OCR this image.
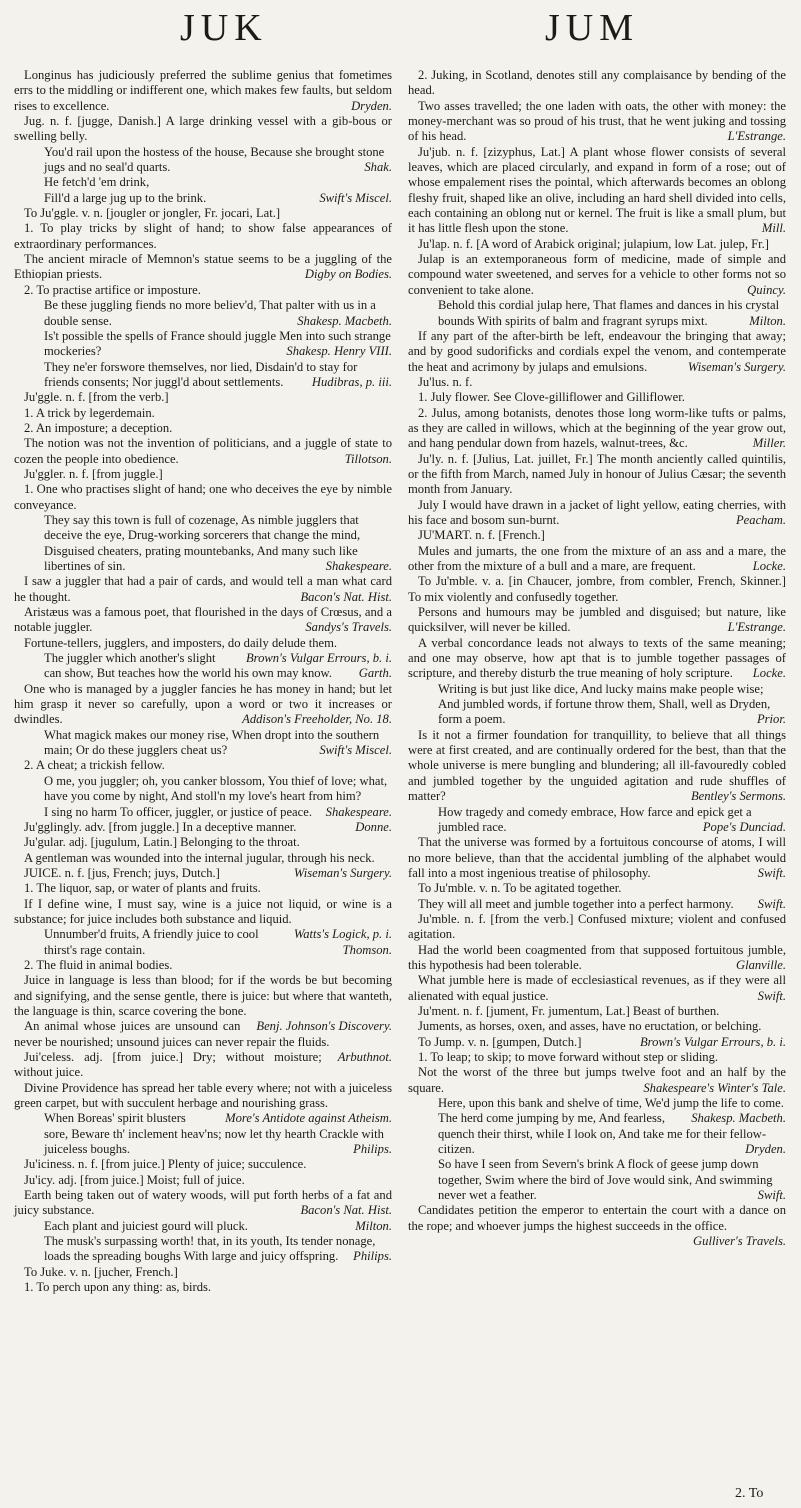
JUK	JUM
Longinus has judiciously preferred the sublime genius that fometimes errs to the middling or indifferent one, which makes few faults, but seldom rises to excellence.	Dryden.
Jug. n. f. [jugge, Danish.] A large drinking vessel with a gib-bous or swelling belly.
You'd rail upon the hostess of the house, Because she brought stone jugs and no seal'd quarts.	Shak.
He fetch'd 'em drink,
Fill'd a large jug up to the brink.	Swift's Miscel.
To Ju'ggle. v. n. [jougler or jongler, Fr. jocari, Lat.]
1. To play tricks by slight of hand; to show false appearances of extraordinary performances.
The ancient miracle of Memnon's statue seems to be a juggling of the Ethiopian priests.	Digby on Bodies.
2. To practise artifice or imposture.
Be these juggling fiends no more believ'd, That palter with us in a double sense.	Shakesp. Macbeth.
Is't possible the spells of France should juggle Men into such strange mockeries?	Shakesp. Henry VIII.
They ne'er forswore themselves, nor lied, Disdain'd to stay for friends consents; Nor juggl'd about settlements.	Hudibras, p. iii.
Ju'ggle. n. f. [from the verb.]
1. A trick by legerdemain.
2. An imposture; a deception.
The notion was not the invention of politicians, and a juggle of state to cozen the people into obedience.	Tillotson.
Ju'ggler. n. f. [from juggle.]
1. One who practises slight of hand; one who deceives the eye by nimble conveyance.
They say this town is full of cozenage, As nimble jugglers that deceive the eye, Drug-working sorcerers that change the mind, Disguised cheaters, prating mountebanks, And many such like libertines of sin.	Shakespeare.
I saw a juggler that had a pair of cards, and would tell a man what card he thought.	Bacon's Nat. Hist.
Aristæus was a famous poet, that flourished in the days of Crœsus, and a notable juggler.	Sandys's Travels.
Fortune-tellers, jugglers, and imposters, do daily delude them.
Brown's Vulgar Errours, b. i.
The juggler which another's slight can show, But teaches how the world his own may know.	Garth.
One who is managed by a juggler fancies he has money in hand; but let him grasp it never so carefully, upon a word or two it increases or dwindles.	Addison's Freeholder, No. 18.
What magick makes our money rise, When dropt into the southern main; Or do these jugglers cheat us?	Swift's Miscel.
2. A cheat; a trickish fellow.
O me, you juggler; oh, you canker blossom, You thief of love; what, have you come by night, And stoll'n my love's heart from him?
Shakespeare.
I sing no harm To officer, juggler, or justice of peace.
Donne.
Ju'gglingly. adv. [from juggle.] In a deceptive manner.
Ju'gular. adj. [jugulum, Latin.] Belonging to the throat.
A gentleman was wounded into the internal jugular, through his neck.
Wiseman's Surgery.
JUICE. n. f. [jus, French; juys, Dutch.]
1. The liquor, sap, or water of plants and fruits.
If I define wine, I must say, wine is a juice not liquid, or wine is a substance; for juice includes both substance and liquid.
Watts's Logick, p. i.
Unnumber'd fruits, A friendly juice to cool thirst's rage contain.	Thomson.
2. The fluid in animal bodies.
Juice in language is less than blood; for if the words be but becoming and signifying, and the sense gentle, there is juice: but where that wanteth, the language is thin, scarce covering the bone.
Benj. Johnson's Discovery.
An animal whose juices are unsound can never be nourished; unsound juices can never repair the fluids.
Arbuthnot.
Jui'celess. adj. [from juice.] Dry; without moisture; without juice.
Divine Providence has spread her table every where; not with a juiceless green carpet, but with succulent herbage and nourishing grass.
More's Antidote against Atheism.
When Boreas' spirit blusters sore, Beware th' inclement heav'ns; now let thy hearth Crackle with juiceless boughs.	Philips.
Ju'iciness. n. f. [from juice.] Plenty of juice; succulence.
Ju'icy. adj. [from juice.] Moist; full of juice.
Earth being taken out of watery woods, will put forth herbs of a fat and juicy substance.	Bacon's Nat. Hist.
Each plant and juiciest gourd will pluck.	Milton.
The musk's surpassing worth! that, in its youth, Its tender nonage, loads the spreading boughs With large and juicy offspring.	Philips.
To Juke. v. n. [jucher, French.]
1. To perch upon any thing: as, birds.
2. Juking, in Scotland, denotes still any complaisance by bending of the head.
Two asses travelled; the one laden with oats, the other with money: the money-merchant was so proud of his trust, that he went juking and tossing of his head.	L'Estrange.
Ju'jub. n. f. [zizyphus, Lat.] A plant whose flower consists of several leaves, which are placed circularly, and expand in form of a rose; out of whose empalement rises the pointal, which afterwards becomes an oblong fleshy fruit, shaped like an olive, including an hard shell divided into cells, each containing an oblong nut or kernel. The fruit is like a small plum, but it has little flesh upon the stone.	Mill.
Ju'lap. n. f. [A word of Arabick original; julapium, low Lat. julep, Fr.]
Julap is an extemporaneous form of medicine, made of simple and compound water sweetened, and serves for a vehicle to other forms not so convenient to take alone.	Quincy.
Behold this cordial julap here, That flames and dances in his crystal bounds With spirits of balm and fragrant syrups mixt.	Milton.
If any part of the after-birth be left, endeavour the bringing that away; and by good sudorificks and cordials expel the venom, and contemperate the heat and acrimony by julaps and emulsions.	Wiseman's Surgery.
Ju'lus. n. f.
1. July flower. See Clove-gilliflower and Gilliflower.
2. Julus, among botanists, denotes those long worm-like tufts or palms, as they are called in willows, which at the beginning of the year grow out, and hang pendular down from hazels, walnut-trees, &c.	Miller.
Ju'ly. n. f. [Julius, Lat. juillet, Fr.] The month anciently called quintilis, or the fifth from March, named July in honour of Julius Cæsar; the seventh month from January.
July I would have drawn in a jacket of light yellow, eating cherries, with his face and bosom sun-burnt.	Peacham.
JU'MART. n. f. [French.]
Mules and jumarts, the one from the mixture of an ass and a mare, the other from the mixture of a bull and a mare, are frequent.	Locke.
To Ju'mble. v. a. [in Chaucer, jombre, from combler, French, Skinner.] To mix violently and confusedly together.
Persons and humours may be jumbled and disguised; but nature, like quicksilver, will never be killed.	L'Estrange.
A verbal concordance leads not always to texts of the same meaning; and one may observe, how apt that is to jumble together passages of scripture, and thereby disturb the true meaning of holy scripture.	Locke.
Writing is but just like dice, And lucky mains make people wise; And jumbled words, if fortune throw them, Shall, well as Dryden, form a poem.	Prior.
Is it not a firmer foundation for tranquillity, to believe that all things were at first created, and are continually ordered for the best, than that the whole universe is mere bungling and blundering; all ill-favouredly cobled and jumbled together by the unguided agitation and rude shuffles of matter?	Bentley's Sermons.
How tragedy and comedy embrace, How farce and epick get a jumbled race.	Pope's Dunciad.
That the universe was formed by a fortuitous concourse of atoms, I will no more believe, than that the accidental jumbling of the alphabet would fall into a most ingenious treatise of philosophy.	Swift.
To Ju'mble. v. n. To be agitated together.
They will all meet and jumble together into a perfect harmony.	Swift.
Ju'mble. n. f. [from the verb.] Confused mixture; violent and confused agitation.
Had the world been coagmented from that supposed fortuitous jumble, this hypothesis had been tolerable.	Glanville.
What jumble here is made of ecclesiastical revenues, as if they were all alienated with equal justice.	Swift.
Ju'ment. n. f. [jument, Fr. jumentum, Lat.] Beast of burthen.
Juments, as horses, oxen, and asses, have no eructation, or belching.
Brown's Vulgar Errours, b. i.
To Jump. v. n. [gumpen, Dutch.]
1. To leap; to skip; to move forward without step or sliding.
Not the worst of the three but jumps twelve foot and an half by the square.	Shakespeare's Winter's Tale.
Here, upon this bank and shelve of time, We'd jump the life to come.
Shakesp. Macbeth.
The herd come jumping by me, And fearless, quench their thirst, while I look on, And take me for their fellow-citizen.	Dryden.
So have I seen from Severn's brink A flock of geese jump down together, Swim where the bird of Jove would sink, And swimming never wet a feather.	Swift.
Candidates petition the emperor to entertain the court with a dance on the rope; and whoever jumps the highest succeeds in the office.
Gulliver's Travels.
2. To
